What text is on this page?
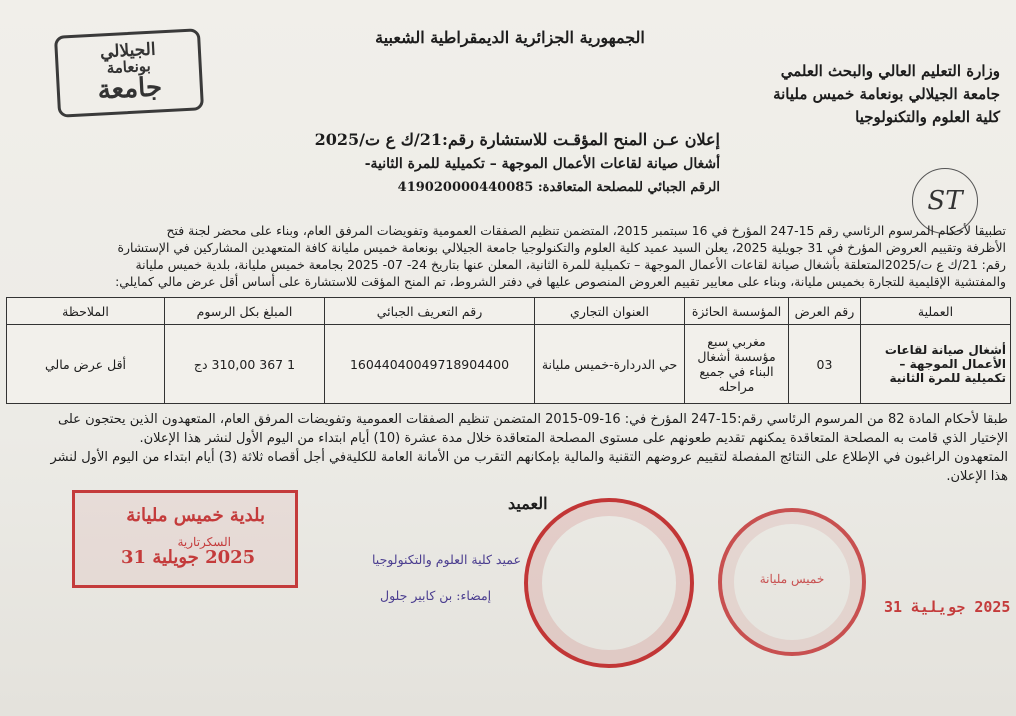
الجيلالي
بونعامة
جامعة
الجمهورية الجزائرية الديمقراطية الشعبية
وزارة التعليم العالي والبحث العلمي
جامعة الجيلالي بونعامة خميس مليانة
كلية العلوم والتكنولوجيا
إعلان عـن المنح المؤقـت للاستشارة رقم:21/ك ع ت/2025
أشغال صيانة لقاعات الأعمال الموجهة – تكميلية للمرة الثانية-
الرقم الجبائي للمصلحة المتعاقدة: 419020000440085	ST

تطبيقا لأحكام المرسوم الرئاسي رقم 15-247 المؤرخ في 16 سبتمبر 2015، المتضمن تنظيم الصفقات العمومية وتفويضات المرفق العام، وبناء على محضر لجنة فتح

الأظرفة وتقييم العروض المؤرخ في 31 جويلية 2025، يعلن السيد عميد كلية العلوم والتكنولوجيا جامعة الجيلالي بونعامة خميس مليانة كافة المتعهدين المشاركين في الإستشارة

رقم: 21/ك ع ت/2025المتعلقة بأشغال صيانة لقاعات الأعمال الموجهة – تكميلية للمرة الثانية، المعلن عنها بتاريخ 24- 07- 2025 بجامعة خميس مليانة، بلدية خميس مليانة

والمفتشية الإقليمية للتجارة بخميس مليانة، وبناء على معايير تقييم العروض المنصوص عليها في دفتر الشروط، تم المنح المؤقت للاستشارة على أساس أقل عرض مالي كمايلي:

العملية	رقم العرض	المؤسسة الحائزة	العنوان التجاري	رقم التعريف الجبائي	المبلغ بكل الرسوم	الملاحظة
أشغال صيانة لقاعات الأعمال الموجهة – تكميلية للمرة الثانية	03	مغربي سبع مؤسسة أشغال البناء في جميع مراحله	حي الدردارة-خميس مليانة	16044040049718904400	1 367 310,00 دج	أقل عرض مالي

طبقا لأحكام المادة 82 من المرسوم الرئاسي رقم:15-247 المؤرخ في: 16-09-2015 المتضمن تنظيم الصفقات العمومية وتفويضات المرفق العام، المتعهدون الذين يحتجون على

الإختيار الذي قامت به المصلحة المتعاقدة يمكنهم تقديم طعونهم على مستوى المصلحة المتعاقدة خلال مدة عشرة (10) أيام ابتداء من اليوم الأول لنشر هذا الإعلان.

المتعهدون الراغبون في الإطلاع على النتائج المفصلة لتقييم عروضهم التقنية والمالية بإمكانهم التقرب من الأمانة العامة للكليةفي أجل أقصاه ثلاثة (3) أيام ابتداء من اليوم الأول لنشر

هذا الإعلان.

العميد
بلدية خميس مليانة
السكرتارية
2025 جويلية 31	عميد كلية العلوم والتكنولوجيا
إمضاء: بن كابير جلول
خميس مليانة
2025 جويلية 31
